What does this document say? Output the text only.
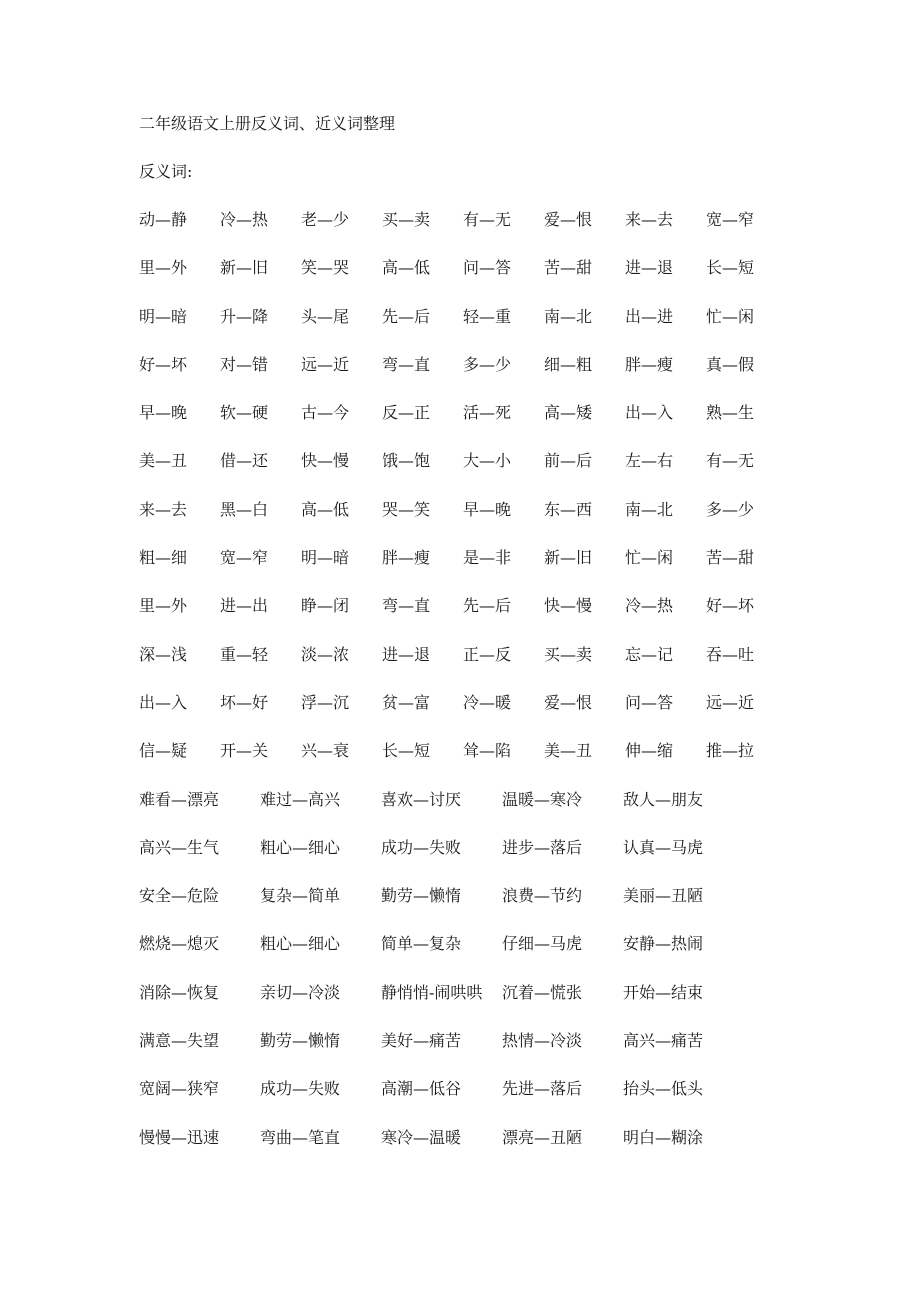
二年级语文上册反义词、近义词整理

反义词:

动—静	冷—热	老—少	买—卖	有—无	爱—恨	来—去	宽—窄
里—外	新—旧	笑—哭	高—低	问—答	苦—甜	进—退	长—短
明—暗	升—降	头—尾	先—后	轻—重	南—北	出—进	忙—闲
好—坏	对—错	远—近	弯—直	多—少	细—粗	胖—瘦	真—假
早—晚	软—硬	古—今	反—正	活—死	高—矮	出—入	熟—生
美—丑	借—还	快—慢	饿—饱	大—小	前—后	左—右	有—无
来—去	黑—白	高—低	哭—笑	早—晚	东—西	南—北	多—少
粗—细	宽—窄	明—暗	胖—瘦	是—非	新—旧	忙—闲	苦—甜
里—外	进—出	睁—闭	弯—直	先—后	快—慢	冷—热	好—坏
深—浅	重—轻	淡—浓	进—退	正—反	买—卖	忘—记	吞—吐
出—入	坏—好	浮—沉	贫—富	冷—暖	爱—恨	问—答	远—近
信—疑	开—关	兴—衰	长—短	耸—陷	美—丑	伸—缩	推—拉
难看—漂亮	难过—高兴	喜欢—讨厌	温暖—寒冷	敌人—朋友
高兴—生气	粗心—细心	成功—失败	进步—落后	认真—马虎
安全—危险	复杂—简单	勤劳—懒惰	浪费—节约	美丽—丑陋
燃烧—熄灭	粗心—细心	简单—复杂	仔细—马虎	安静—热闹
消除—恢复	亲切—冷淡	静悄悄-闹哄哄	沉着—慌张	开始—结束
满意—失望	勤劳—懒惰	美好—痛苦	热情—冷淡	高兴—痛苦
宽阔—狭窄	成功—失败	高潮—低谷	先进—落后	抬头—低头
慢慢—迅速	弯曲—笔直	寒冷—温暖	漂亮—丑陋	明白—糊涂
